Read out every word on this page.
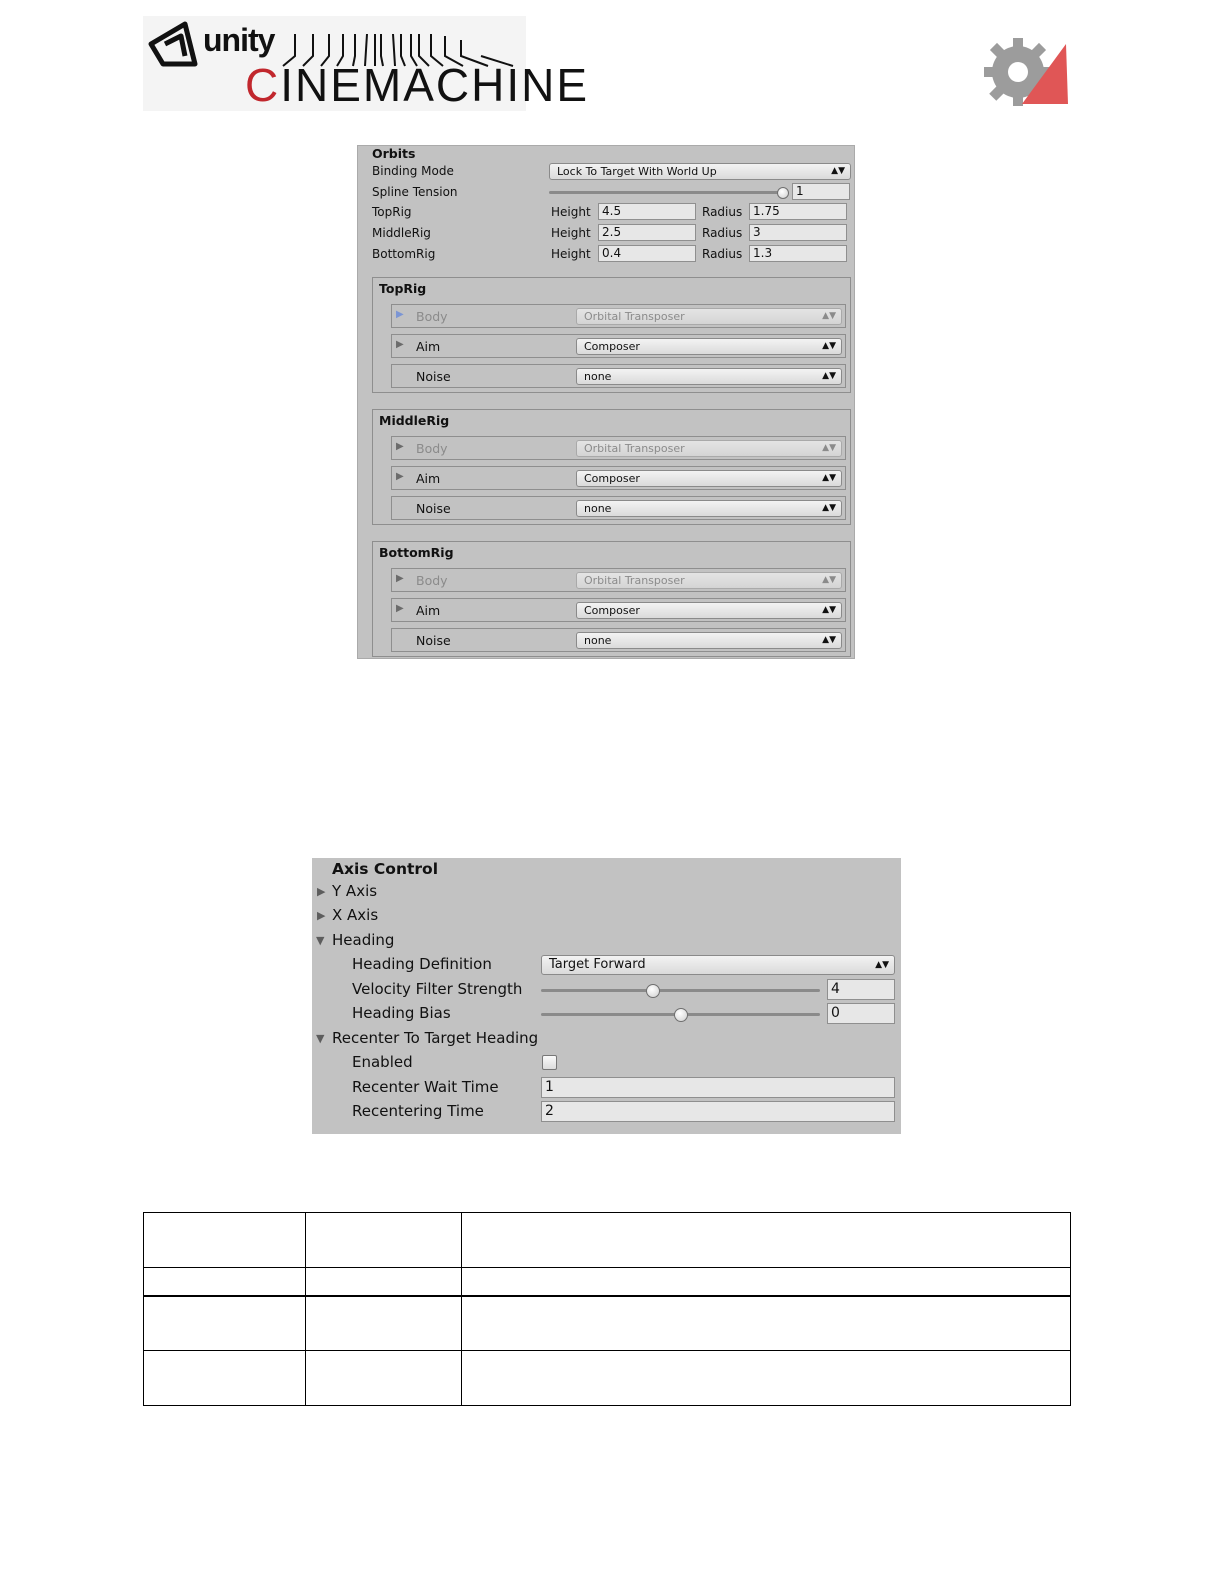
unity
CINEMACHINE
Orbits
Binding Mode	Lock To Target With World Up	▲▼
Spline Tension	1
TopRig	Height 4.5	Radius 1.75
MiddleRig	Height 2.5	Radius 3
BottomRig	Height 0.4	Radius 1.3
TopRig
▶ Body	Orbital Transposer	▲▼
▶ Aim	Composer	▲▼
Noise	none	▲▼
MiddleRig
▶ Body	Orbital Transposer	▲▼
▶ Aim	Composer	▲▼
Noise	none	▲▼
BottomRig
▶ Body	Orbital Transposer	▲▼
▶ Aim	Composer	▲▼
Noise	none	▲▼
Axis Control
▶ Y Axis
▶ X Axis
▼ Heading
Heading Definition	Target Forward	▲▼
Velocity Filter Strength	4
Heading Bias	0
▼ Recenter To Target Heading
Enabled
Recenter Wait Time	1
Recentering Time	2
